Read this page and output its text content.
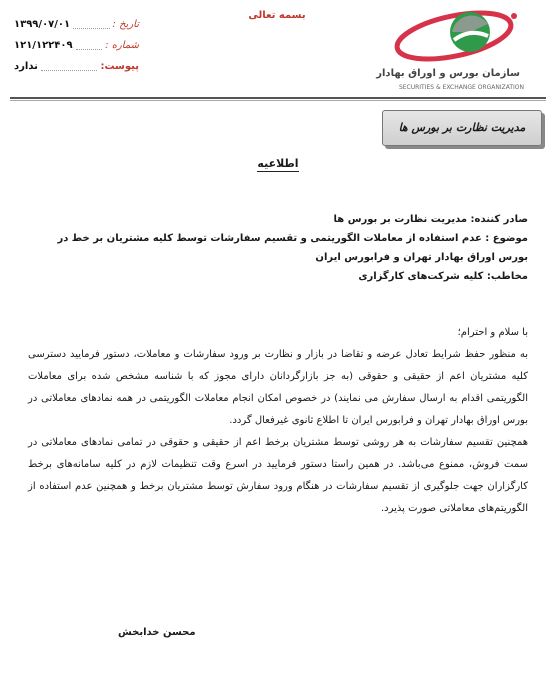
تاریخ :
۱۳۹۹/۰۷/۰۱
شماره :
۱۲۱/۱۲۲۴۰۹
پیوست:
ندارد
بسمه تعالی
سازمان بورس و اوراق بهادار
SECURITIES & EXCHANGE ORGANIZATION
مدیریت نظارت بر بورس ها
اطلاعیه
صادر کننده: مدیریت نظارت بر بورس ها
موضوع : عدم استفاده از معاملات الگوریتمی و تقسیم سفارشات توسط کلیه مشتریان بر خط در بورس اوراق بهادار تهران و فرابورس ایران
مخاطب: کلیه شرکت‌های کارگزاری

با سلام و احترام؛

به منظور حفظ شرایط تعادل عرضه و تقاضا در بازار و نظارت بر ورود سفارشات و معاملات، دستور فرمایید دسترسی کلیه مشتریان اعم از حقیقی و حقوقی (به جز بازارگردانان دارای مجوز که با شناسه مشخص شده برای معاملات الگوریتمی اقدام به ارسال سفارش می نمایند) در خصوص امکان انجام معاملات الگوریتمی در همه نمادهای معاملاتی در بورس اوراق بهادار تهران و فرابورس ایران تا اطلاع ثانوی غیرفعال گردد.

همچنین تقسیم سفارشات به هر روشی توسط مشتریان برخط اعم از حقیقی و حقوقی در تمامی نمادهای معاملاتی در سمت فروش، ممنوع می‌باشد. در همین راستا دستور فرمایید در اسرع وقت تنظیمات لازم در کلیه سامانه‌های برخط کارگزاران جهت جلوگیری از تقسیم سفارشات در هنگام ورود سفارش توسط مشتریان برخط و همچنین عدم استفاده از الگوریتم‌های معاملاتی صورت پذیرد.

محسن خدابخش
